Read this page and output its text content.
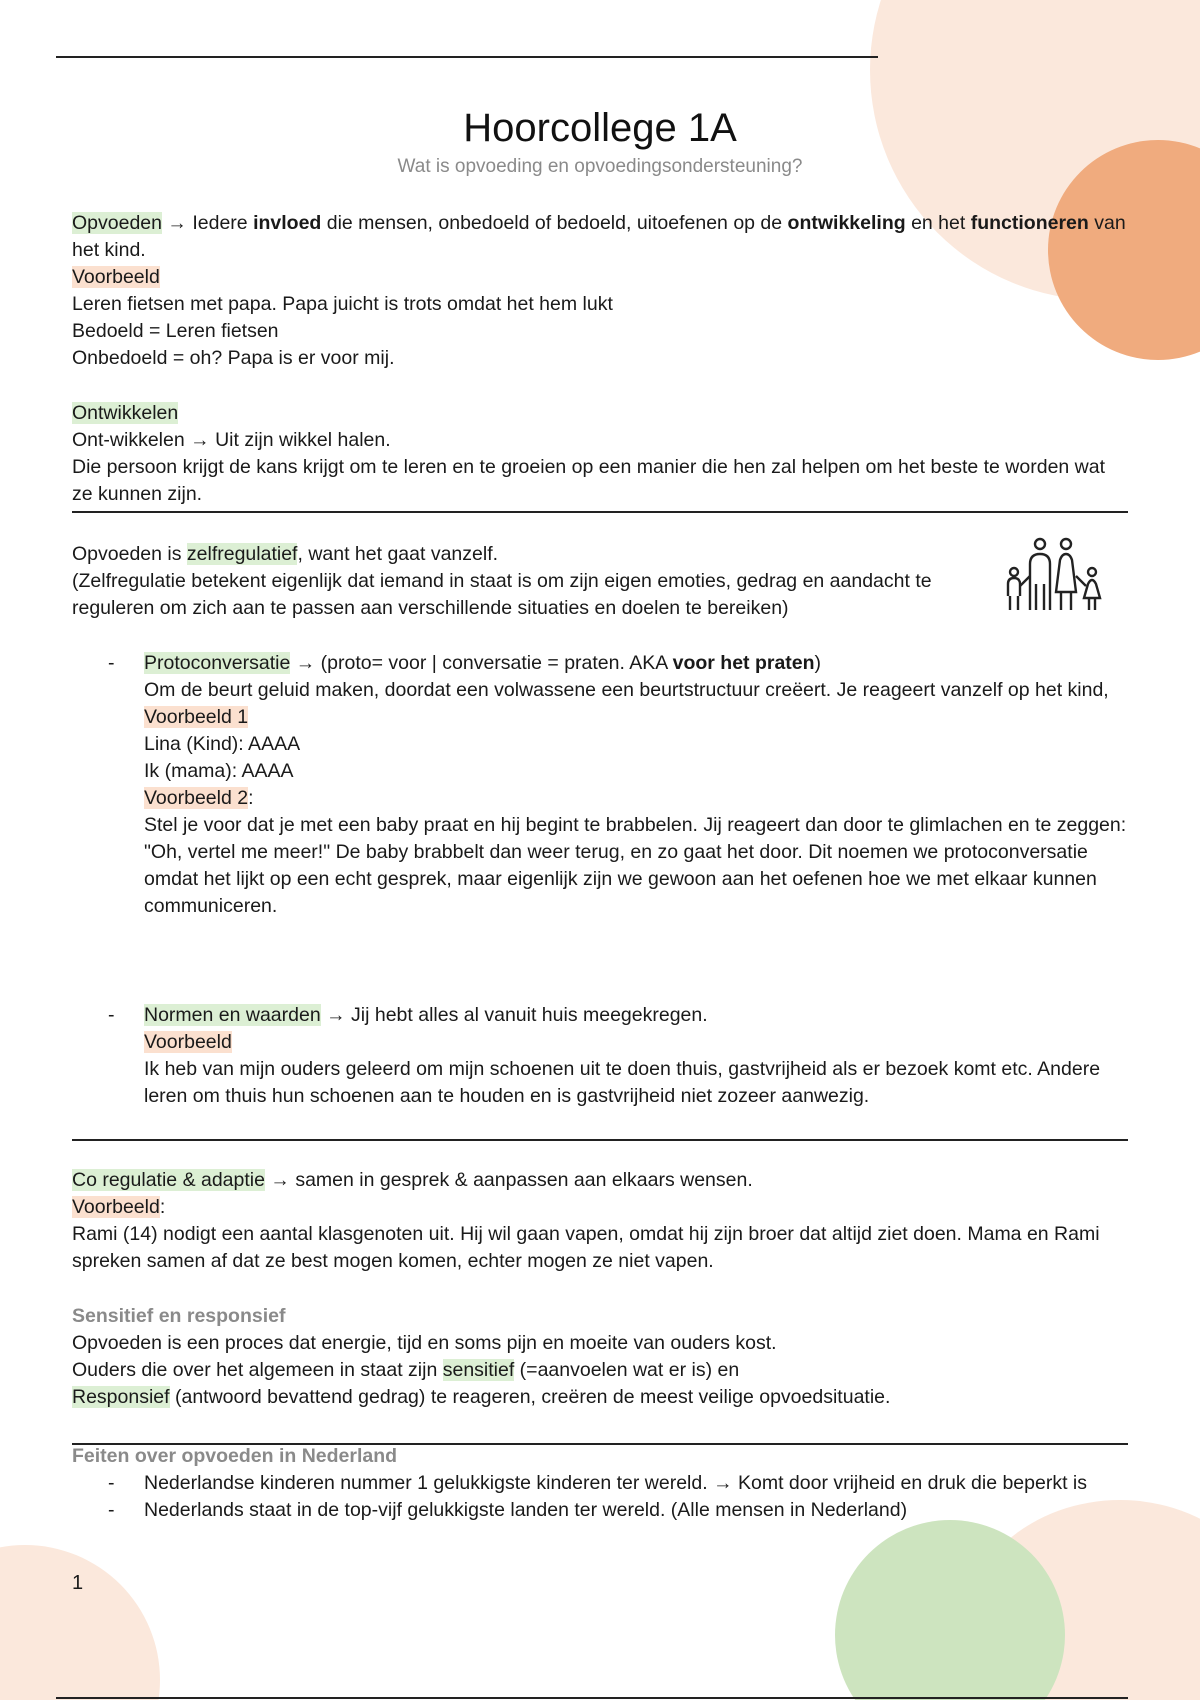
Hoorcollege 1A
Wat is opvoeding en opvoedingsondersteuning?

Opvoeden → Iedere invloed die mensen, onbedoeld of bedoeld, uitoefenen op de ontwikkeling en het functioneren van het kind.

Voorbeeld

Leren fietsen met papa. Papa juicht is trots omdat het hem lukt

Bedoeld = Leren fietsen

Onbedoeld = oh? Papa is er voor mij.

Ontwikkelen

Ont-wikkelen → Uit zijn wikkel halen.

Die persoon krijgt de kans krijgt om te leren en te groeien op een manier die hen zal helpen om het beste te worden wat ze kunnen zijn.

Opvoeden is zelfregulatief, want het gaat vanzelf.

(Zelfregulatie betekent eigenlijk dat iemand in staat is om zijn eigen emoties, gedrag en aandacht te reguleren om zich aan te passen aan verschillende situaties en doelen te bereiken)

- Protoconversatie → (proto= voor | conversatie = praten. AKA voor het praten)

Om de beurt geluid maken, doordat een volwassene een beurtstructuur creëert. Je reageert vanzelf op het kind,

Voorbeeld 1

Lina (Kind): AAAA

Ik (mama): AAAA

Voorbeeld 2:

Stel je voor dat je met een baby praat en hij begint te brabbelen. Jij reageert dan door te glimlachen en te zeggen: "Oh, vertel me meer!" De baby brabbelt dan weer terug, en zo gaat het door. Dit noemen we protoconversatie omdat het lijkt op een echt gesprek, maar eigenlijk zijn we gewoon aan het oefenen hoe we met elkaar kunnen communiceren.

- Normen en waarden → Jij hebt alles al vanuit huis meegekregen.

Voorbeeld

Ik heb van mijn ouders geleerd om mijn schoenen uit te doen thuis, gastvrijheid als er bezoek komt etc. Andere leren om thuis hun schoenen aan te houden en is gastvrijheid niet zozeer aanwezig.

Co regulatie & adaptie → samen in gesprek & aanpassen aan elkaars wensen.

Voorbeeld:

Rami (14) nodigt een aantal klasgenoten uit. Hij wil gaan vapen, omdat hij zijn broer dat altijd ziet doen. Mama en Rami spreken samen af dat ze best mogen komen, echter mogen ze niet vapen.

Sensitief en responsief

Opvoeden is een proces dat energie, tijd en soms pijn en moeite van ouders kost.

Ouders die over het algemeen in staat zijn sensitief (=aanvoelen wat er is) en

Responsief (antwoord bevattend gedrag) te reageren, creëren de meest veilige opvoedsituatie.

Feiten over opvoeden in Nederland

- Nederlandse kinderen nummer 1 gelukkigste kinderen ter wereld. → Komt door vrijheid en druk die beperkt is

- Nederlands staat in de top-vijf gelukkigste landen ter wereld. (Alle mensen in Nederland)

1
